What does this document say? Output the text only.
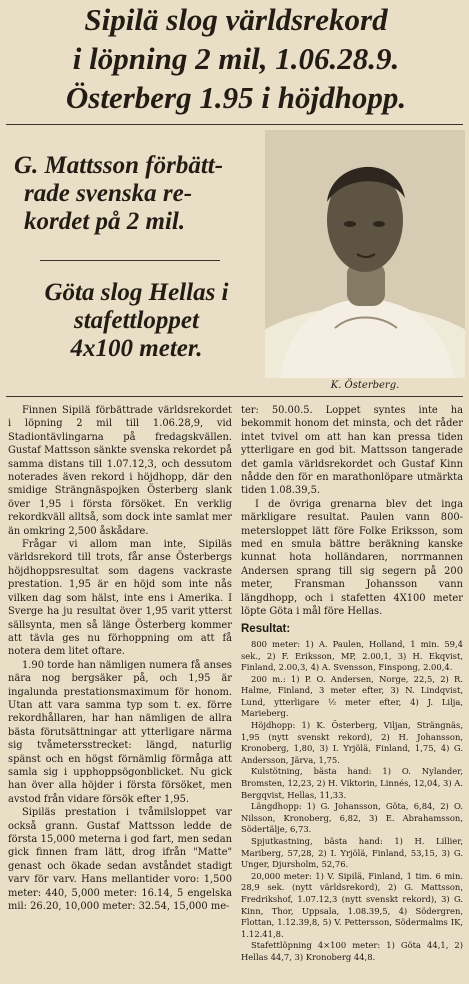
Sipilä slog världsrekord
i löpning 2 mil, 1.06.28.9.
Österberg 1.95 i höjdhopp.
G. Mattsson förbätt-
rade svenska re-
kordet på 2 mil.
Göta slog Hellas i
stafettloppet
4x100 meter.
K. Österberg.

Finnen Sipilä förbättrade världsrekordet i löpning 2 mil till 1.06.28,9, vid Stadiontävlingarna på fredagskvällen. Gustaf Mattsson sänkte svenska rekordet på samma distans till 1.07.12,3, och dessutom noterades även rekord i höjdhopp, där den smidige Strängnäspojken Österberg slank över 1,95 i första försöket. En verklig rekordkväll alltså, som dock inte samlat mer än omkring 2,500 åskådare.

Frågar vi allom man inte, Sipiläs världsrekord till trots, får anse Österbergs höjdhoppsresultat som dagens vackraste prestation. 1,95 är en höjd som inte nås vilken dag som hälst, inte ens i Amerika. I Sverge ha ju resultat över 1,95 varit ytterst sällsynta, men så länge Österberg kommer att tävla ges nu förhoppning om att få notera dem litet oftare.

1.90 torde han nämligen numera få anses nära nog bergsäker på, och 1,95 är ingalunda prestationsmaximum för honom. Utan att vara samma typ som t. ex. förre rekordhållaren, har han nämligen de allra bästa förutsättningar att ytterligare närma sig tvåmetersstrecket: längd, naturlig spänst och en högst förnämlig förmåga att samla sig i upphoppsögonblicket. Nu gick han över alla höjder i första försöket, men avstod från vidare försök efter 1,95.

Sipiläs prestation i tvåmilsloppet var också grann. Gustaf Mattsson ledde de första 15,000 meterna i god fart, men sedan gick finnen fram lätt, drog ifrån "Matte" genast och ökade sedan avståndet stadigt varv för varv. Hans mellantider voro: 1,500 meter: 440, 5,000 meter: 16.14, 5 engelska mil: 26.20, 10,000 meter: 32.54, 15,000 me-

ter: 50.00.5. Loppet syntes inte ha bekommit honom det minsta, och det råder intet tvivel om att han kan pressa tiden ytterligare en god bit. Mattsson tangerade det gamla världsrekordet och Gustaf Kinn nådde den för en marathonlöpare utmärkta tiden 1.08.39,5.

I de övriga grenarna blev det inga märkligare resultat. Paulen vann 800-metersloppet lätt före Folke Eriksson, som med en smula bättre beräkning kanske kunnat hota holländaren, norrmannen Andersen sprang till sig segern på 200 meter, Fransman Johansson vann längdhopp, och i stafetten 4X100 meter löpte Göta i mål före Hellas.

Resultat:

800 meter: 1) A. Paulen, Holland, 1 min. 59,4 sek., 2) F. Eriksson, MP, 2.00,1, 3) H. Ekqvist, Finland, 2.00,3, 4) A. Svensson, Finspong, 2.00,4.

200 m.: 1) P. O. Andersen, Norge, 22,5, 2) R. Halme, Finland, 3 meter efter, 3) N. Lindqvist, Lund, ytterligare ½ meter efter, 4) J. Lilja, Marieberg.

Höjdhopp: 1) K. Österberg, Viljan, Strängnäs, 1,95 (nytt svenskt rekord), 2) H. Johansson, Kronoberg, 1,80, 3) I. Yrjölä, Finland, 1,75, 4) G. Andersson, Järva, 1,75.

Kulstötning, bästa hand: 1) O. Nylander, Bromsten, 12,23, 2) H. Viktorin, Linnés, 12,04, 3) A. Bergqvist, Hellas, 11,33.

Längdhopp: 1) G. Johansson, Göta, 6,84, 2) O. Nilsson, Kronoberg, 6,82, 3) E. Abrahamsson, Södertälje, 6,73.

Spjutkastning, bästa hand: 1) H. Lillier, Mariberg, 57,28, 2) I. Yrjölä, Finland, 53,15, 3) G. Unger, Djursholm, 52,76.

20,000 meter: 1) V. Sipilä, Finland, 1 tim. 6 min. 28,9 sek. (nytt världsrekord), 2) G. Mattsson, Fredrikshof, 1.07.12,3 (nytt svenskt rekord), 3) G. Kinn, Thor, Uppsala, 1.08.39,5, 4) Södergren, Flottan, 1.12.39,8, 5) V. Pettersson, Södermalms IK, 1.12.41,8.

Stafettlöpning 4×100 meter: 1) Göta 44,1, 2) Hellas 44,7, 3) Kronoberg 44,8.
